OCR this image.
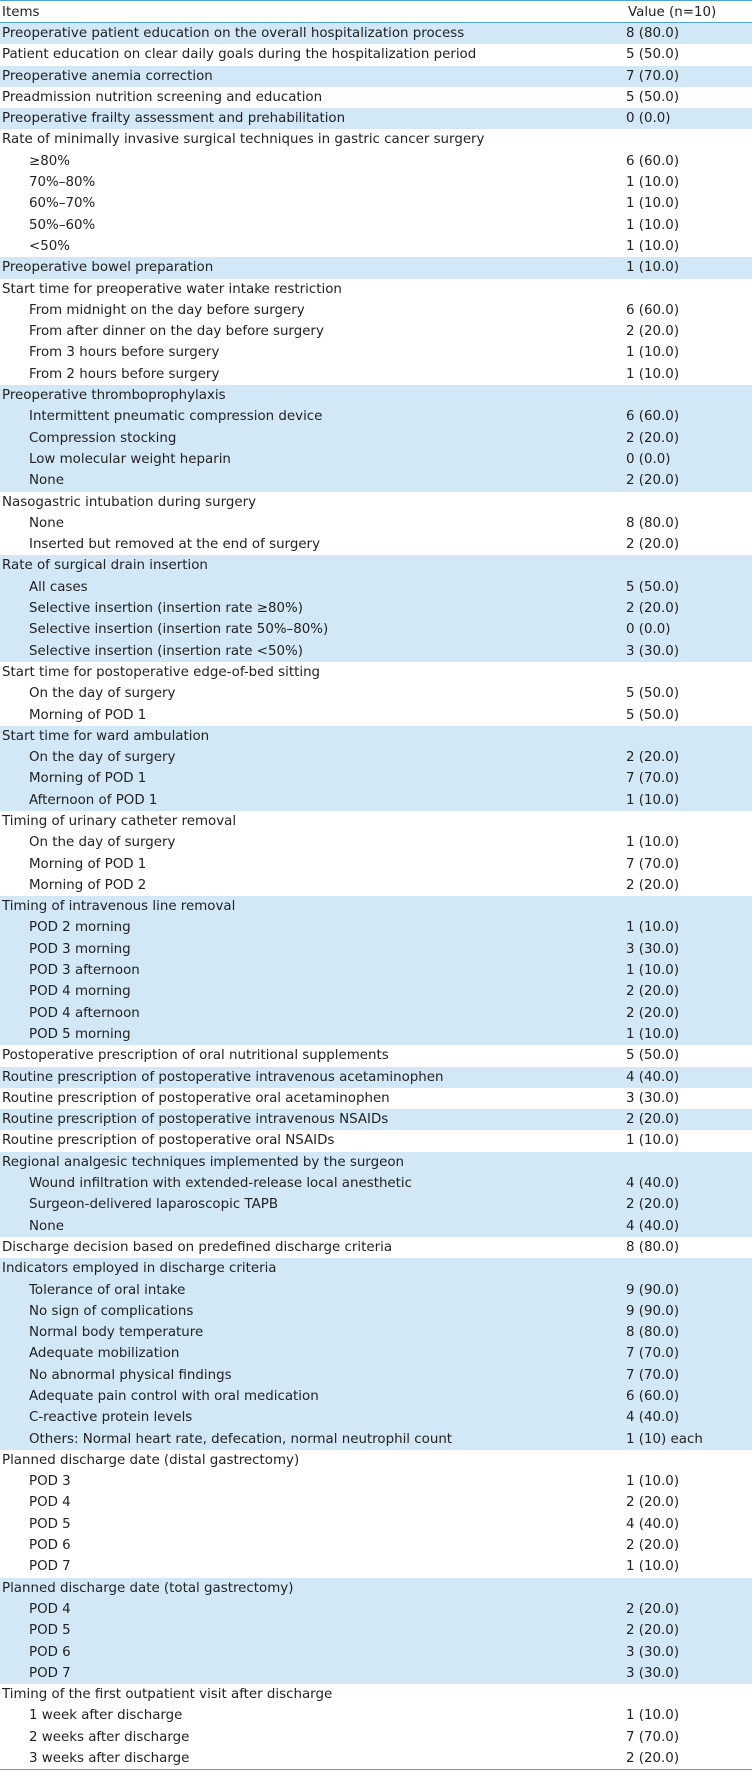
Items	Value (n=10)
Preoperative patient education on the overall hospitalization process	8 (80.0)
Patient education on clear daily goals during the hospitalization period	5 (50.0)
Preoperative anemia correction	7 (70.0)
Preadmission nutrition screening and education	5 (50.0)
Preoperative frailty assessment and prehabilitation	0 (0.0)
Rate of minimally invasive surgical techniques in gastric cancer surgery
≥80%	6 (60.0)
70%–80%	1 (10.0)
60%–70%	1 (10.0)
50%–60%	1 (10.0)
<50%	1 (10.0)
Preoperative bowel preparation	1 (10.0)
Start time for preoperative water intake restriction
From midnight on the day before surgery	6 (60.0)
From after dinner on the day before surgery	2 (20.0)
From 3 hours before surgery	1 (10.0)
From 2 hours before surgery	1 (10.0)
Preoperative thromboprophylaxis
Intermittent pneumatic compression device	6 (60.0)
Compression stocking	2 (20.0)
Low molecular weight heparin	0 (0.0)
None	2 (20.0)
Nasogastric intubation during surgery
None	8 (80.0)
Inserted but removed at the end of surgery	2 (20.0)
Rate of surgical drain insertion
All cases	5 (50.0)
Selective insertion (insertion rate ≥80%)	2 (20.0)
Selective insertion (insertion rate 50%–80%)	0 (0.0)
Selective insertion (insertion rate <50%)	3 (30.0)
Start time for postoperative edge-of-bed sitting
On the day of surgery	5 (50.0)
Morning of POD 1	5 (50.0)
Start time for ward ambulation
On the day of surgery	2 (20.0)
Morning of POD 1	7 (70.0)
Afternoon of POD 1	1 (10.0)
Timing of urinary catheter removal
On the day of surgery	1 (10.0)
Morning of POD 1	7 (70.0)
Morning of POD 2	2 (20.0)
Timing of intravenous line removal
POD 2 morning	1 (10.0)
POD 3 morning	3 (30.0)
POD 3 afternoon	1 (10.0)
POD 4 morning	2 (20.0)
POD 4 afternoon	2 (20.0)
POD 5 morning	1 (10.0)
Postoperative prescription of oral nutritional supplements	5 (50.0)
Routine prescription of postoperative intravenous acetaminophen	4 (40.0)
Routine prescription of postoperative oral acetaminophen	3 (30.0)
Routine prescription of postoperative intravenous NSAIDs	2 (20.0)
Routine prescription of postoperative oral NSAIDs	1 (10.0)
Regional analgesic techniques implemented by the surgeon
Wound infiltration with extended-release local anesthetic	4 (40.0)
Surgeon-delivered laparoscopic TAPB	2 (20.0)
None	4 (40.0)
Discharge decision based on predefined discharge criteria	8 (80.0)
Indicators employed in discharge criteria
Tolerance of oral intake	9 (90.0)
No sign of complications	9 (90.0)
Normal body temperature	8 (80.0)
Adequate mobilization	7 (70.0)
No abnormal physical findings	7 (70.0)
Adequate pain control with oral medication	6 (60.0)
C-reactive protein levels	4 (40.0)
Others: Normal heart rate, defecation, normal neutrophil count	1 (10) each
Planned discharge date (distal gastrectomy)
POD 3	1 (10.0)
POD 4	2 (20.0)
POD 5	4 (40.0)
POD 6	2 (20.0)
POD 7	1 (10.0)
Planned discharge date (total gastrectomy)
POD 4	2 (20.0)
POD 5	2 (20.0)
POD 6	3 (30.0)
POD 7	3 (30.0)
Timing of the first outpatient visit after discharge
1 week after discharge	1 (10.0)
2 weeks after discharge	7 (70.0)
3 weeks after discharge	2 (20.0)
